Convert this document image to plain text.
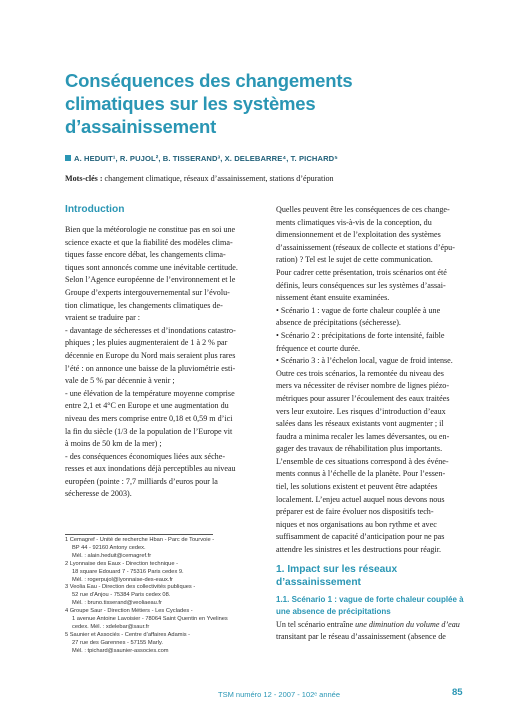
Conséquences des changements
climatiques sur les systèmes
d’assainissement
A. HEDUIT¹, R. PUJOL², B. TISSERAND³, X. DELEBARRE⁴, T. PICHARD⁵
Mots-clés : changement climatique, réseaux d’assainissement, stations d’épuration
Introduction
Bien que la météorologie ne constitue pas en soi une
science exacte et que la fiabilité des modèles clima-
tiques fasse encore débat, les changements clima-
tiques sont annoncés comme une inévitable certitude.
Selon l’Agence européenne de l’environnement et le
Groupe d’experts intergouvernemental sur l’évolu-
tion climatique, les changements climatiques de-
vraient se traduire par :
- davantage de sécheresses et d’inondations catastro-
phiques ; les pluies augmenteraient de 1 à 2 % par
décennie en Europe du Nord mais seraient plus rares
l’été : on annonce une baisse de la pluviométrie esti-
vale de 5 % par décennie à venir ;
- une élévation de la température moyenne comprise
entre 2,1 et 4°C en Europe et une augmentation du
niveau des mers comprise entre 0,18 et 0,59 m d’ici
la fin du siècle (1/3 de la population de l’Europe vit
à moins de 50 km de la mer) ;
- des conséquences économiques liées aux séche-
resses et aux inondations déjà perceptibles au niveau
européen (pointe : 7,7 milliards d’euros pour la
sécheresse de 2003).
1 Cemagref - Unité de recherche Hban - Parc de Tourvoie -
BP 44 - 92160 Antony cedex.
Mél. : alain.heduit@cemagref.fr
2 Lyonnaise des Eaux - Direction technique -
18 square Edouard 7 - 75316 Paris cedex 9.
Mél. : rogerpujol@lyonnaise-des-eaux.fr
3 Veolia Eau - Direction des collectivités publiques -
52 rue d’Anjou - 75384 Paris cedex 08.
Mél. : bruno.tisserand@veoliaeau.fr
4 Groupe Saur - Direction Métiers - Les Cyclades -
1 avenue Antoine Lavoisier - 78064 Saint Quentin en Yvelines
cedex. Mél. : xdelebar@saur.fr
5 Saunier et Associés - Centre d’affaires Adamis -
27 rue des Garennes - 57155 Marly.
Mél. : tpichard@saunier-associes.com
Quelles peuvent être les conséquences de ces change-
ments climatiques vis-à-vis de la conception, du
dimensionnement et de l’exploitation des systèmes
d’assainissement (réseaux de collecte et stations d’épu-
ration) ? Tel est le sujet de cette communication.
Pour cadrer cette présentation, trois scénarios ont été
définis, leurs conséquences sur les systèmes d’assai-
nissement étant ensuite examinées.
• Scénario 1 : vague de forte chaleur couplée à une
absence de précipitations (sécheresse).
• Scénario 2 : précipitations de forte intensité, faible
fréquence et courte durée.
• Scénario 3 : à l’échelon local, vague de froid intense.
Outre ces trois scénarios, la remontée du niveau des
mers va nécessiter de réviser nombre de lignes piézo-
métriques pour assurer l’écoulement des eaux traitées
vers leur exutoire. Les risques d’introduction d’eaux
salées dans les réseaux existants vont augmenter ; il
faudra a minima recaler les lames déversantes, ou en-
gager des travaux de réhabilitation plus importants.
L’ensemble de ces situations correspond à des événe-
ments connus à l’échelle de la planète. Pour l’essen-
tiel, les solutions existent et peuvent être adaptées
localement. L’enjeu actuel auquel nous devons nous
préparer est de faire évoluer nos dispositifs tech-
niques et nos organisations au bon rythme et avec
suffisamment de capacité d’anticipation pour ne pas
attendre les sinistres et les destructions pour réagir.
1. Impact sur les réseaux
d’assainissement
1.1. Scénario 1 : vague de forte chaleur couplée à
une absence de précipitations
Un tel scénario entraîne une diminution du volume d’eau
transitant par le réseau d’assainissement (absence de
TSM numéro 12 - 2007 - 102ᵉ année	85
